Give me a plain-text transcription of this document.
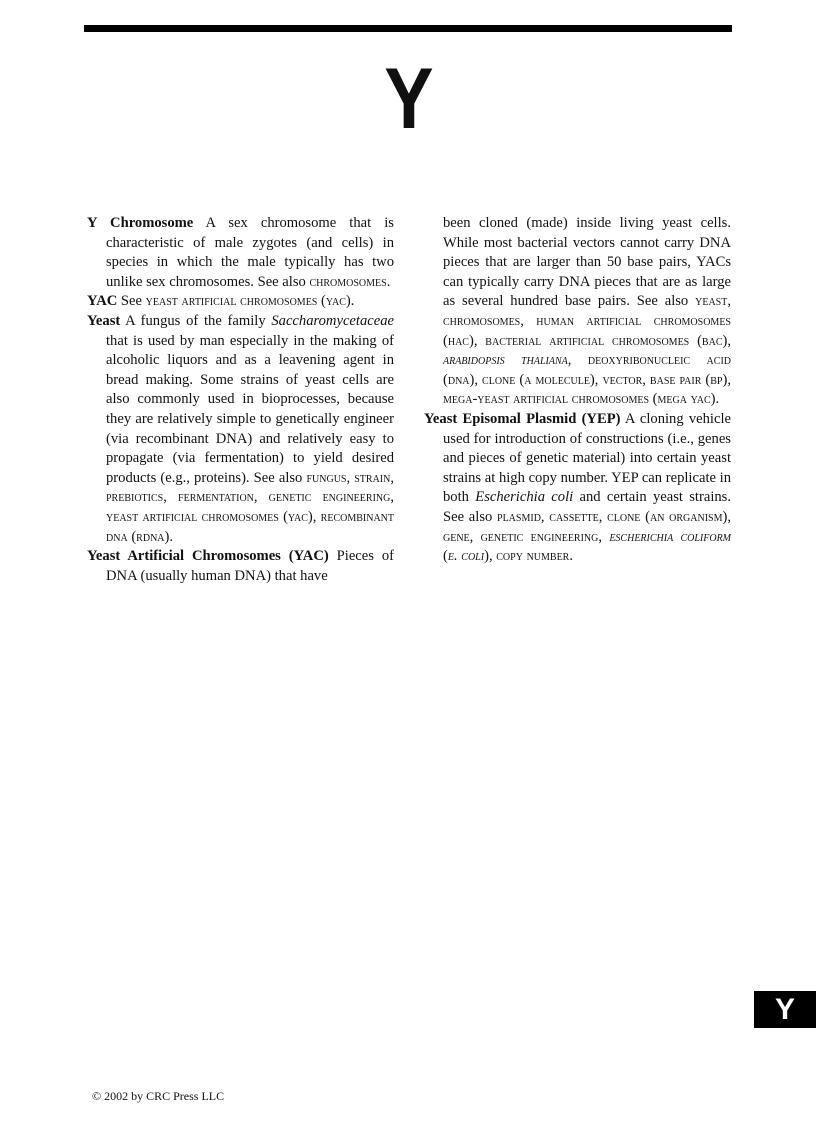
Y

Y Chromosome A sex chromosome that is characteristic of male zygotes (and cells) in species in which the male typically has two unlike sex chromosomes. See also chromosomes.

YAC See yeast artificial chromosomes (yac).

Yeast A fungus of the family Saccharomycetaceae that is used by man especially in the making of alcoholic liquors and as a leavening agent in bread making. Some strains of yeast cells are also commonly used in bioprocesses, because they are relatively simple to genetically engineer (via recombinant DNA) and relatively easy to propagate (via fermentation) to yield desired products (e.g., proteins). See also fungus, strain, prebiotics, fermentation, genetic engineering, yeast artificial chromosomes (yac), recombinant dna (rdna).

Yeast Artificial Chromosomes (YAC) Pieces of DNA (usually human DNA) that have

been cloned (made) inside living yeast cells. While most bacterial vectors cannot carry DNA pieces that are larger than 50 base pairs, YACs can typically carry DNA pieces that are as large as several hundred base pairs. See also yeast, chromosomes, human artificial chromosomes (hac), bacterial artificial chromosomes (bac), arabidopsis thaliana, deoxyribonucleic acid (dna), clone (a molecule), vector, base pair (bp), mega-yeast artificial chromosomes (mega yac).

Yeast Episomal Plasmid (YEP) A cloning vehicle used for introduction of constructions (i.e., genes and pieces of genetic material) into certain yeast strains at high copy number. YEP can replicate in both Escherichia coli and certain yeast strains. See also plasmid, cassette, clone (an organism), gene, genetic engineering, escherichia coliform (e. coli), copy number.

Y
© 2002 by CRC Press LLC
